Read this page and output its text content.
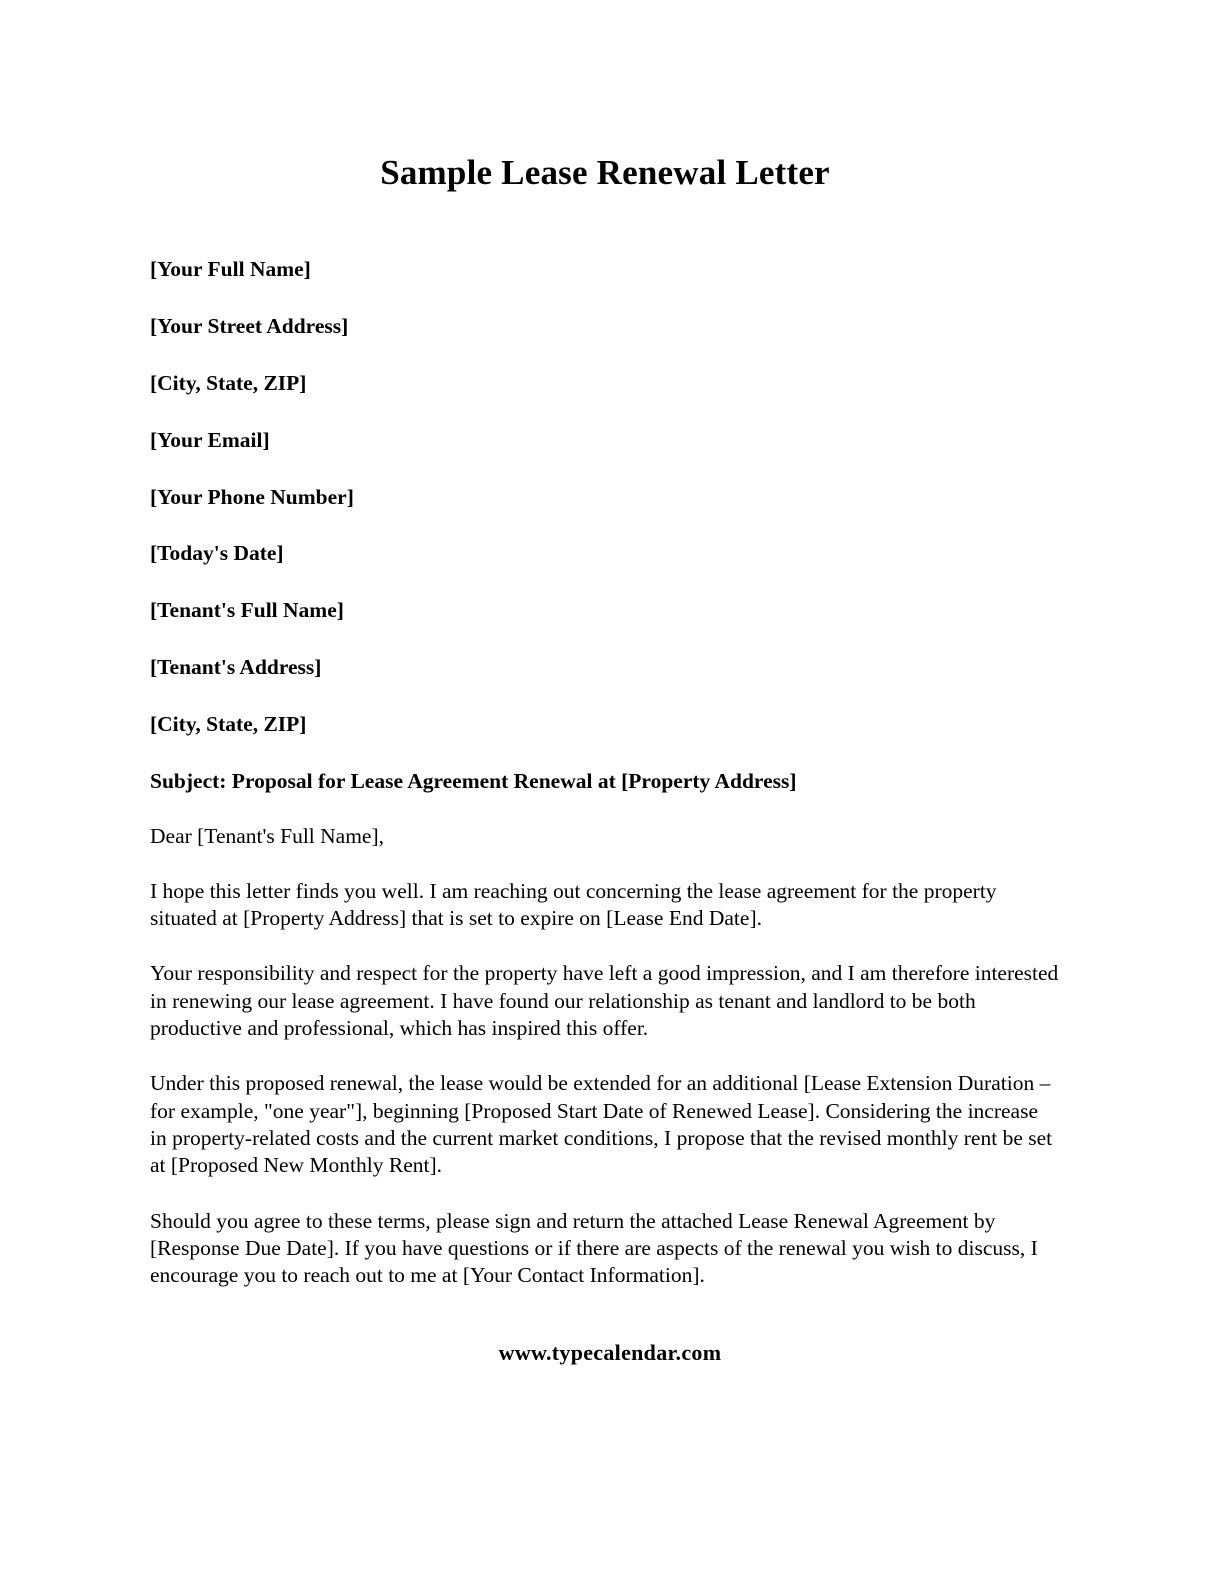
Sample Lease Renewal Letter

[Your Full Name]

[Your Street Address]

[City, State, ZIP]

[Your Email]

[Your Phone Number]

[Today's Date]

[Tenant's Full Name]

[Tenant's Address]

[City, State, ZIP]

Subject: Proposal for Lease Agreement Renewal at [Property Address]

Dear [Tenant's Full Name],

I hope this letter finds you well. I am reaching out concerning the lease agreement for the property situated at [Property Address] that is set to expire on [Lease End Date].

Your responsibility and respect for the property have left a good impression, and I am therefore interested in renewing our lease agreement. I have found our relationship as tenant and landlord to be both productive and professional, which has inspired this offer.

Under this proposed renewal, the lease would be extended for an additional [Lease Extension Duration – for example, "one year"], beginning [Proposed Start Date of Renewed Lease]. Considering the increase in property-related costs and the current market conditions, I propose that the revised monthly rent be set at [Proposed New Monthly Rent].

Should you agree to these terms, please sign and return the attached Lease Renewal Agreement by [Response Due Date]. If you have questions or if there are aspects of the renewal you wish to discuss, I encourage you to reach out to me at [Your Contact Information].

www.typecalendar.com
